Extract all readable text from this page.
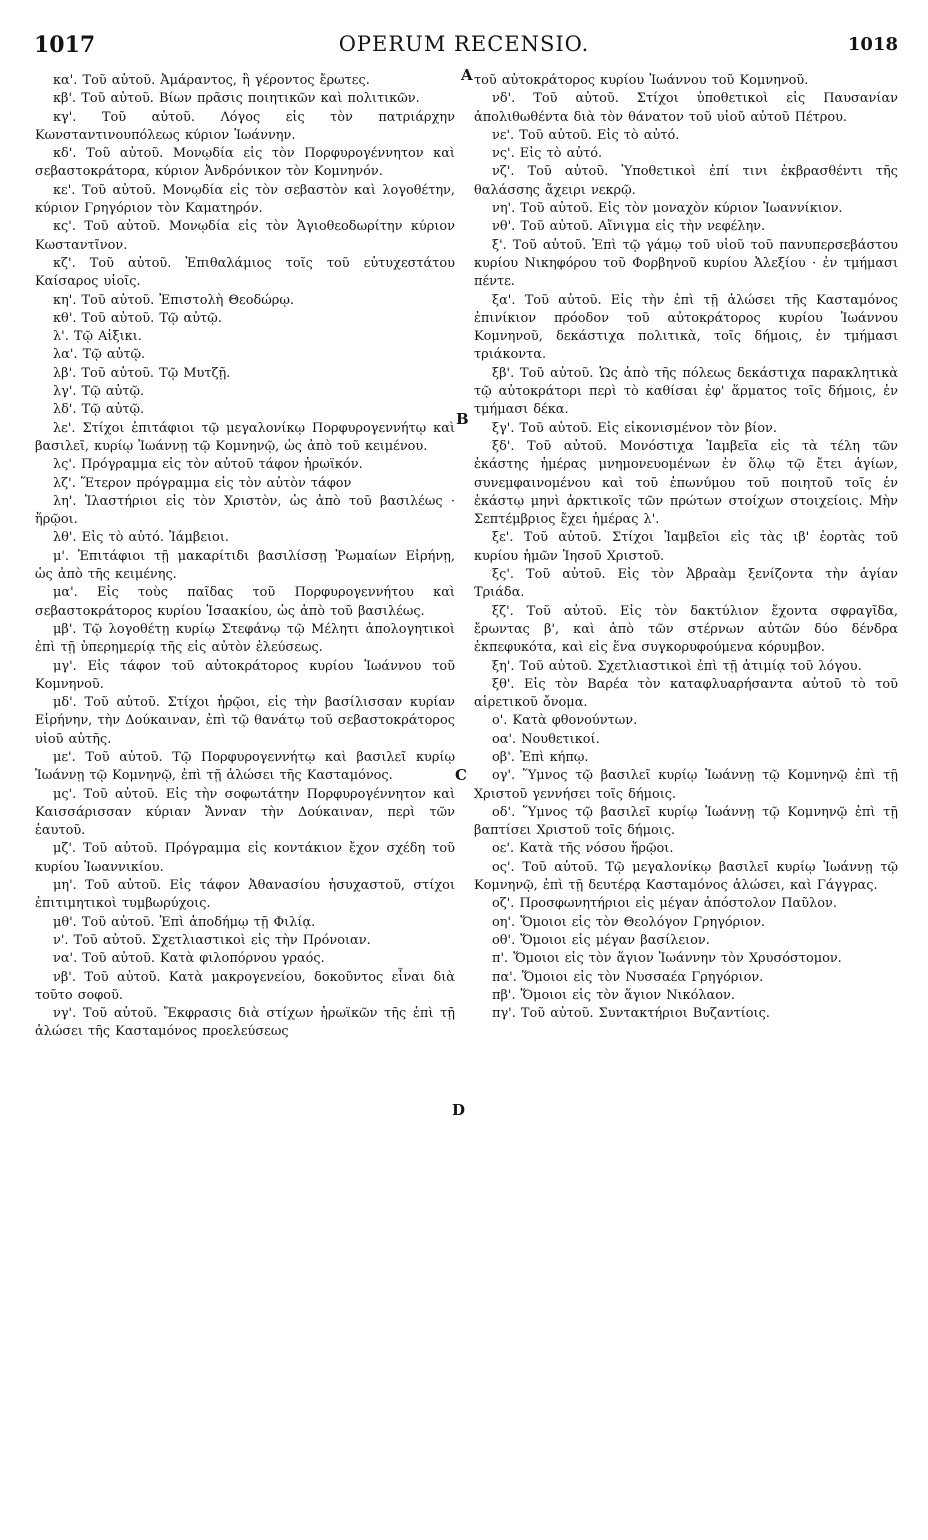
1017	OPERUM RECENSIO.	1018
A
B
C
D

κα'. Τοῦ αὐτοῦ. Ἀμάραντος, ἢ γέροντος ἔρωτες.

κβ'. Τοῦ αὐτοῦ. Βίων πρᾶσις ποιητικῶν καὶ πολιτικῶν.

κγ'. Τοῦ αὐτοῦ. Λόγος εἰς τὸν πατριάρχην Κωνσταντινουπόλεως κύριον Ἰωάννην.

κδ'. Τοῦ αὐτοῦ. Μονῳδία εἰς τὸν Πορφυρογέννητον καὶ σεβαστοκράτορα, κύριον Ἀνδρόνικον τὸν Κομνηνόν.

κε'. Τοῦ αὐτοῦ. Μονῳδία εἰς τὸν σεβαστὸν καὶ λογοθέτην, κύριον Γρηγόριον τὸν Καματηρόν.

κς'. Τοῦ αὐτοῦ. Μονῳδία εἰς τὸν Ἁγιοθεοδωρίτην κύριον Κωσταντῖνον.

κζ'. Τοῦ αὐτοῦ. Ἐπιθαλάμιος τοῖς τοῦ εὐτυχεστάτου Καίσαρος υἱοῖς.

κη'. Τοῦ αὐτοῦ. Ἐπιστολὴ Θεοδώρῳ.

κθ'. Τοῦ αὐτοῦ. Τῷ αὐτῷ.

λ'. Τῷ Αἰξικι.

λα'. Τῷ αὐτῷ.

λβ'. Τοῦ αὐτοῦ. Τῷ Μυτζῇ.

λγ'. Τῷ αὐτῷ.

λδ'. Τῷ αὐτῷ.

λε'. Στίχοι ἐπιτάφιοι τῷ μεγαλονίκῳ Πορφυρογεννήτῳ καὶ βασιλεῖ, κυρίῳ Ἰωάννῃ τῷ Κομνηνῷ, ὡς ἀπὸ τοῦ κειμένου.

λς'. Πρόγραμμα εἰς τὸν αὐτοῦ τάφον ἡρωϊκόν.

λζ'. Ἕτερον πρόγραμμα εἰς τὸν αὐτὸν τάφον

λη'. Ἱλαστήριοι εἰς τὸν Χριστὸν, ὡς ἀπὸ τοῦ βασιλέως · ἥρῷοι.

λθ'. Εἰς τὸ αὐτό. Ἰάμβειοι.

μ'. Ἐπιτάφιοι τῇ μακαρίτιδι βασιλίσσῃ Ῥωμαίων Εἰρήνῃ, ὡς ἀπὸ τῆς κειμένης.

μα'. Εἰς τοὺς παῖδας τοῦ Πορφυρογεννήτου καὶ σεβαστοκράτορος κυρίου Ἰσαακίου, ὡς ἀπὸ τοῦ βασιλέως.

μβ'. Τῷ λογοθέτῃ κυρίῳ Στεφάνῳ τῷ Μέλητι ἀπολογητικοὶ ἐπὶ τῇ ὑπερημερίᾳ τῆς εἰς αὐτὸν ἐλεύσεως.

μγ'. Εἰς τάφον τοῦ αὐτοκράτορος κυρίου Ἰωάννου τοῦ Κομνηνοῦ.

μδ'. Τοῦ αὐτοῦ. Στίχοι ἡρῷοι, εἰς τὴν βασίλισσαν κυρίαν Εἰρήνην, τὴν Δούκαιναν, ἐπὶ τῷ θανάτῳ τοῦ σεβαστοκράτορος υἱοῦ αὐτῆς.

με'. Τοῦ αὐτοῦ. Τῷ Πορφυρογεννήτῳ καὶ βασιλεῖ κυρίῳ Ἰωάννῃ τῷ Κομνηνῷ, ἐπὶ τῇ ἁλώσει τῆς Κασταμόνος.

μς'. Τοῦ αὐτοῦ. Εἰς τὴν σοφωτάτην Πορφυρογέννητον καὶ Καισσάρισσαν κύριαν Ἄνναν τὴν Δούκαιναν, περὶ τῶν ἑαυτοῦ.

μζ'. Τοῦ αὐτοῦ. Πρόγραμμα εἰς κοντάκιον ἔχον σχέδη τοῦ κυρίου Ἰωαννικίου.

μη'. Τοῦ αὐτοῦ. Εἰς τάφον Ἀθανασίου ἡσυχαστοῦ, στίχοι ἐπιτιμητικοὶ τυμβωρύχοις.

μθ'. Τοῦ αὐτοῦ. Ἐπὶ ἀποδήμῳ τῇ Φιλίᾳ.

ν'. Τοῦ αὐτοῦ. Σχετλιαστικοὶ εἰς τὴν Πρόνοιαν.

να'. Τοῦ αὐτοῦ. Κατὰ φιλοπόρνου γραός.

νβ'. Τοῦ αὐτοῦ. Κατὰ μακρογενείου, δοκοῦντος εἶναι διὰ τοῦτο σοφοῦ.

νγ'. Τοῦ αὐτοῦ. Ἔκφρασις διὰ στίχων ἡρωϊκῶν τῆς ἐπὶ τῇ ἁλώσει τῆς Κασταμόνος προελεύσεως

τοῦ αὐτοκράτορος κυρίου Ἰωάννου τοῦ Κομνηνοῦ.

νδ'. Τοῦ αὐτοῦ. Στίχοι ὑποθετικοὶ εἰς Παυσανίαν ἀπολιθωθέντα διὰ τὸν θάνατον τοῦ υἱοῦ αὐτοῦ Πέτρου.

νε'. Τοῦ αὐτοῦ. Εἰς τὸ αὐτό.

νς'. Εἰς τὸ αὐτό.

νζ'. Τοῦ αὐτοῦ. Ὑποθετικοὶ ἐπί τινι ἐκβρασθέντι τῆς θαλάσσης ἄχειρι νεκρῷ.

νη'. Τοῦ αὐτοῦ. Εἰς τὸν μοναχὸν κύριον Ἰωαννίκιον.

νθ'. Τοῦ αὐτοῦ. Αἴνιγμα εἰς τὴν νεφέλην.

ξ'. Τοῦ αὐτοῦ. Ἐπὶ τῷ γάμῳ τοῦ υἱοῦ τοῦ πανυπερσεβάστου κυρίου Νικηφόρου τοῦ Φορβηνοῦ κυρίου Ἀλεξίου · ἐν τμήμασι πέντε.

ξα'. Τοῦ αὐτοῦ. Εἰς τὴν ἐπὶ τῇ ἁλώσει τῆς Κασταμόνος ἐπινίκιον πρόοδον τοῦ αὐτοκράτορος κυρίου Ἰωάννου Κομνηνοῦ, δεκάστιχα πολιτικὰ, τοῖς δήμοις, ἐν τμήμασι τριάκοντα.

ξβ'. Τοῦ αὐτοῦ. Ὡς ἀπὸ τῆς πόλεως δεκάστιχα παρακλητικὰ τῷ αὐτοκράτορι περὶ τὸ καθίσαι ἐφ' ἅρματος τοῖς δήμοις, ἐν τμήμασι δέκα.

ξγ'. Τοῦ αὐτοῦ. Εἰς εἰκονισμένον τὸν βίον.

ξδ'. Τοῦ αὐτοῦ. Μονόστιχα Ἰαμβεῖα εἰς τὰ τέλη τῶν ἑκάστης ἡμέρας μνημονευομένων ἐν ὅλῳ τῷ ἔτει ἁγίων, συνεμφαινομένου καὶ τοῦ ἐπωνύμου τοῦ ποιητοῦ τοῖς ἐν ἑκάστῳ μηνὶ ἀρκτικοῖς τῶν πρώτων στοίχων στοιχείοις. Μὴν Σεπτέμβριος ἔχει ἡμέρας λ'.

ξε'. Τοῦ αὐτοῦ. Στίχοι Ἰαμβεῖοι εἰς τὰς ιβ' ἑορτὰς τοῦ κυρίου ἡμῶν Ἰησοῦ Χριστοῦ.

ξς'. Τοῦ αὐτοῦ. Εἰς τὸν Ἀβραὰμ ξενίζοντα τὴν ἁγίαν Τριάδα.

ξζ'. Τοῦ αὐτοῦ. Εἰς τὸν δακτύλιον ἔχοντα σφραγῖδα, ἔρωντας β', καὶ ἀπὸ τῶν στέρνων αὐτῶν δύο δένδρα ἐκπεφυκότα, καὶ εἰς ἕνα συγκορυφούμενα κόρυμβον.

ξη'. Τοῦ αὐτοῦ. Σχετλιαστικοὶ ἐπὶ τῇ ἀτιμίᾳ τοῦ λόγου.

ξθ'. Εἰς τὸν Βαρέα τὸν καταφλυαρήσαντα αὐτοῦ τὸ τοῦ αἱρετικοῦ ὄνομα.

ο'. Κατὰ φθονούντων.

οα'. Νουθετικοί.

οβ'. Ἐπὶ κήπῳ.

ογ'. Ὕμνος τῷ βασιλεῖ κυρίῳ Ἰωάννῃ τῷ Κομνηνῷ ἐπὶ τῇ Χριστοῦ γεννήσει τοῖς δήμοις.

οδ'. Ὕμνος τῷ βασιλεῖ κυρίῳ Ἰωάννῃ τῷ Κομνηνῷ ἐπὶ τῇ βαπτίσει Χριστοῦ τοῖς δήμοις.

οε'. Κατὰ τῆς νόσου ἥρῷοι.

ος'. Τοῦ αὐτοῦ. Τῷ μεγαλονίκῳ βασιλεῖ κυρίῳ Ἰωάννῃ τῷ Κομνηνῷ, ἐπὶ τῇ δευτέρᾳ Κασταμόνος ἁλώσει, καὶ Γάγγρας.

οζ'. Προσφωνητήριοι εἰς μέγαν ἀπόστολον Παῦλον.

οη'. Ὅμοιοι εἰς τὸν Θεολόγον Γρηγόριον.

οθ'. Ὅμοιοι εἰς μέγαν βασίλειον.

π'. Ὅμοιοι εἰς τὸν ἅγιον Ἰωάννην τὸν Χρυσόστομον.

πα'. Ὅμοιοι εἰς τὸν Νυσσαέα Γρηγόριον.

πβ'. Ὅμοιοι εἰς τὸν ἅγιον Νικόλαον.

πγ'. Τοῦ αὐτοῦ. Συντακτήριοι Βυζαντίοις.
